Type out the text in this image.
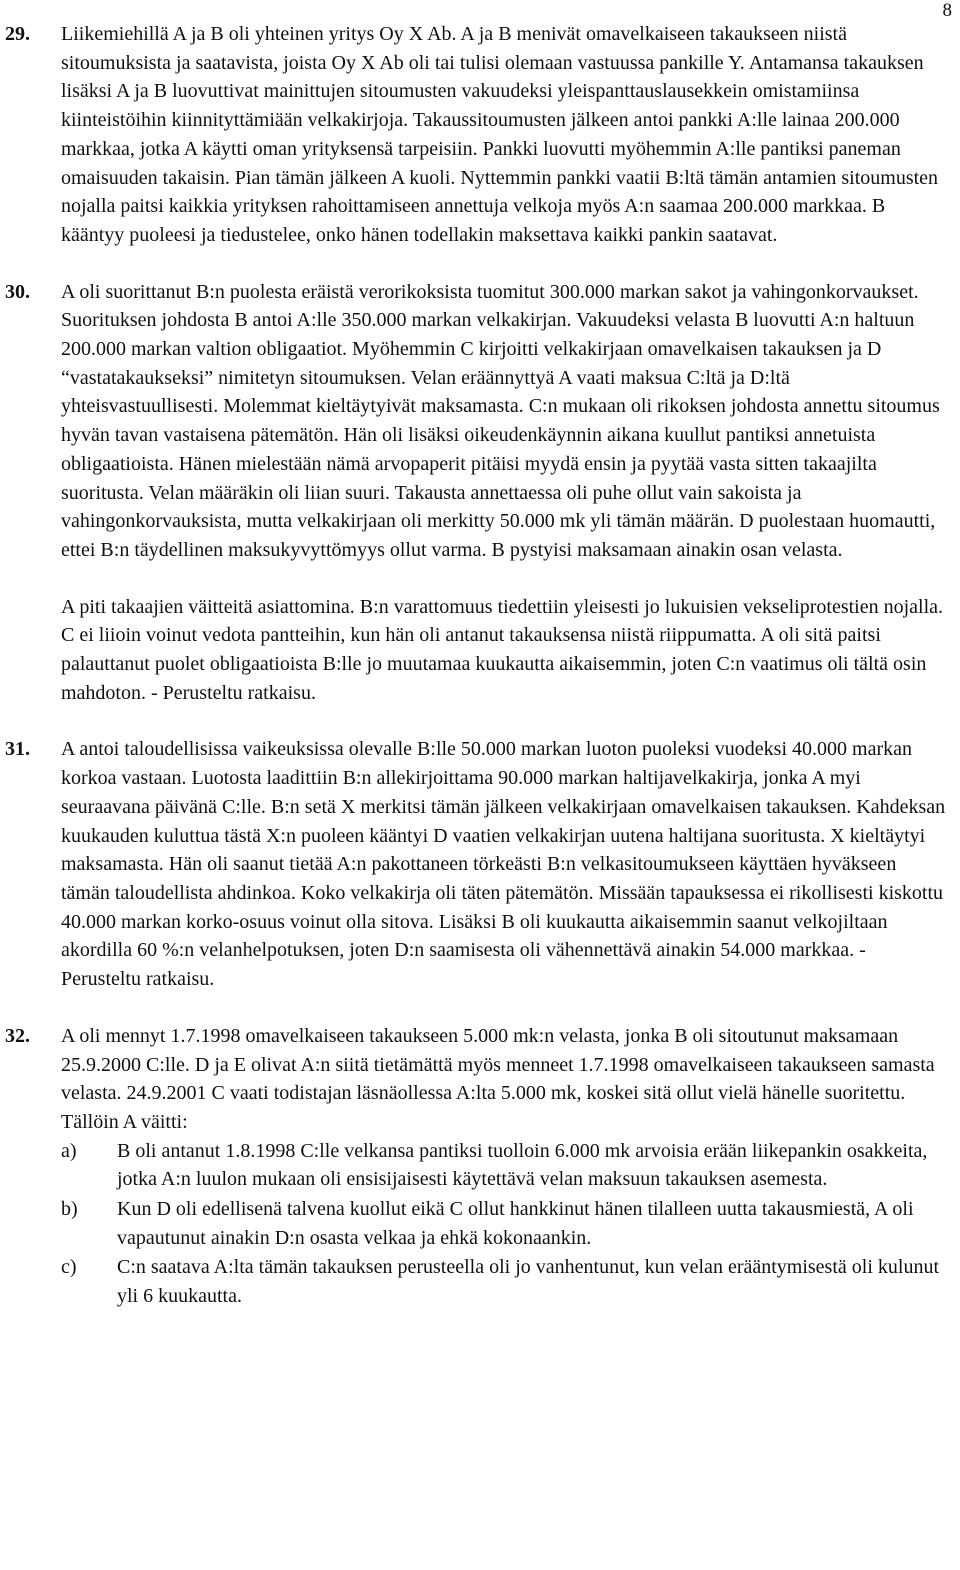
8
29. Liikemiehillä A ja B oli yhteinen yritys Oy X Ab. A ja B menivät omavelkaiseen takaukseen niistä sitoumuksista ja saatavista, joista Oy X Ab oli tai tulisi olemaan vastuussa pankille Y. Antamansa takauksen lisäksi A ja B luovuttivat mainittujen sitoumusten vakuudeksi yleispanttauslausekkein omistamiinsa kiinteistöihin kiinnityttämiään velkakirjoja. Takaussitoumusten jälkeen antoi pankki A:lle lainaa 200.000 markkaa, jotka A käytti oman yrityksensä tarpeisiin. Pankki luovutti myöhemmin A:lle pantiksi paneman omaisuuden takaisin. Pian tämän jälkeen A kuoli. Nyttemmin pankki vaatii B:ltä tämän antamien sitoumusten nojalla paitsi kaikkia yrityksen rahoittamiseen annettuja velkoja myös A:n saamaa 200.000 markkaa. B kääntyy puoleesi ja tiedustelee, onko hänen todellakin maksettava kaikki pankin saatavat.

30. A oli suorittanut B:n puolesta eräistä verorikoksista tuomitut 300.000 markan sakot ja vahingonkorvaukset. Suorituksen johdosta B antoi A:lle 350.000 markan velkakirjan. Vakuudeksi velasta B luovutti A:n haltuun 200.000 markan valtion obligaatiot. Myöhemmin C kirjoitti velkakirjaan omavelkaisen takauksen ja D “vastatakaukseksi” nimitetyn sitoumuksen. Velan eräännyttyä A vaati maksua C:ltä ja D:ltä yhteisvastuullisesti. Molemmat kieltäytyivät maksamasta. C:n mukaan oli rikoksen johdosta annettu sitoumus hyvän tavan vastaisena pätemätön. Hän oli lisäksi oikeudenkäynnin aikana kuullut pantiksi annetuista obligaatioista. Hänen mielestään nämä arvopaperit pitäisi myydä ensin ja pyytää vasta sitten takaajilta suoritusta. Velan määräkin oli liian suuri. Takausta annettaessa oli puhe ollut vain sakoista ja vahingonkorvauksista, mutta velkakirjaan oli merkitty 50.000 mk yli tämän määrän. D puolestaan huomautti, ettei B:n täydellinen maksukyvyttömyys ollut varma. B pystyisi maksamaan ainakin osan velasta.

A piti takaajien väitteitä asiattomina. B:n varattomuus tiedettiin yleisesti jo lukuisien vekseliprotestien nojalla. C ei liioin voinut vedota pantteihin, kun hän oli antanut takauksensa niistä riippumatta. A oli sitä paitsi palauttanut puolet obligaatioista B:lle jo muutamaa kuukautta aikaisemmin, joten C:n vaatimus oli tältä osin mahdoton. - Perusteltu ratkaisu.

31. A antoi taloudellisissa vaikeuksissa olevalle B:lle 50.000 markan luoton puoleksi vuodeksi 40.000 markan korkoa vastaan. Luotosta laadittiin B:n allekirjoittama 90.000 markan haltijavelkakirja, jonka A myi seuraavana päivänä C:lle. B:n setä X merkitsi tämän jälkeen velkakirjaan omavelkaisen takauksen. Kahdeksan kuukauden kuluttua tästä X:n puoleen kääntyi D vaatien velkakirjan uutena haltijana suoritusta. X kieltäytyi maksamasta. Hän oli saanut tietää A:n pakottaneen törkeästi B:n velkasitoumukseen käyttäen hyväkseen tämän taloudellista ahdinkoa. Koko velkakirja oli täten pätemätön. Missään tapauksessa ei rikollisesti kiskottu 40.000 markan korko-osuus voinut olla sitova. Lisäksi B oli kuukautta aikaisemmin saanut velkojiltaan akordilla 60 %:n velanhelpotuksen, joten D:n saamisesta oli vähennettävä ainakin 54.000 markkaa. - Perusteltu ratkaisu.

32. A oli mennyt 1.7.1998 omavelkaiseen takaukseen 5.000 mk:n velasta, jonka B oli sitoutunut maksamaan 25.9.2000 C:lle. D ja E olivat A:n siitä tietämättä myös menneet 1.7.1998 omavelkaiseen takaukseen samasta velasta. 24.9.2001 C vaati todistajan läsnäollessa A:lta 5.000 mk, koskei sitä ollut vielä hänelle suoritettu. Tällöin A väitti:

a)	B oli antanut 1.8.1998 C:lle velkansa pantiksi tuolloin 6.000 mk arvoisia erään liikepankin osakkeita, jotka A:n luulon mukaan oli ensisijaisesti käytettävä velan maksuun takauksen asemesta.
b)	Kun D oli edellisenä talvena kuollut eikä C ollut hankkinut hänen tilalleen uutta takausmiestä, A oli vapautunut ainakin D:n osasta velkaa ja ehkä kokonaankin.
c)	C:n saatava A:lta tämän takauksen perusteella oli jo vanhentunut, kun velan erääntymisestä oli kulunut yli 6 kuukautta.
